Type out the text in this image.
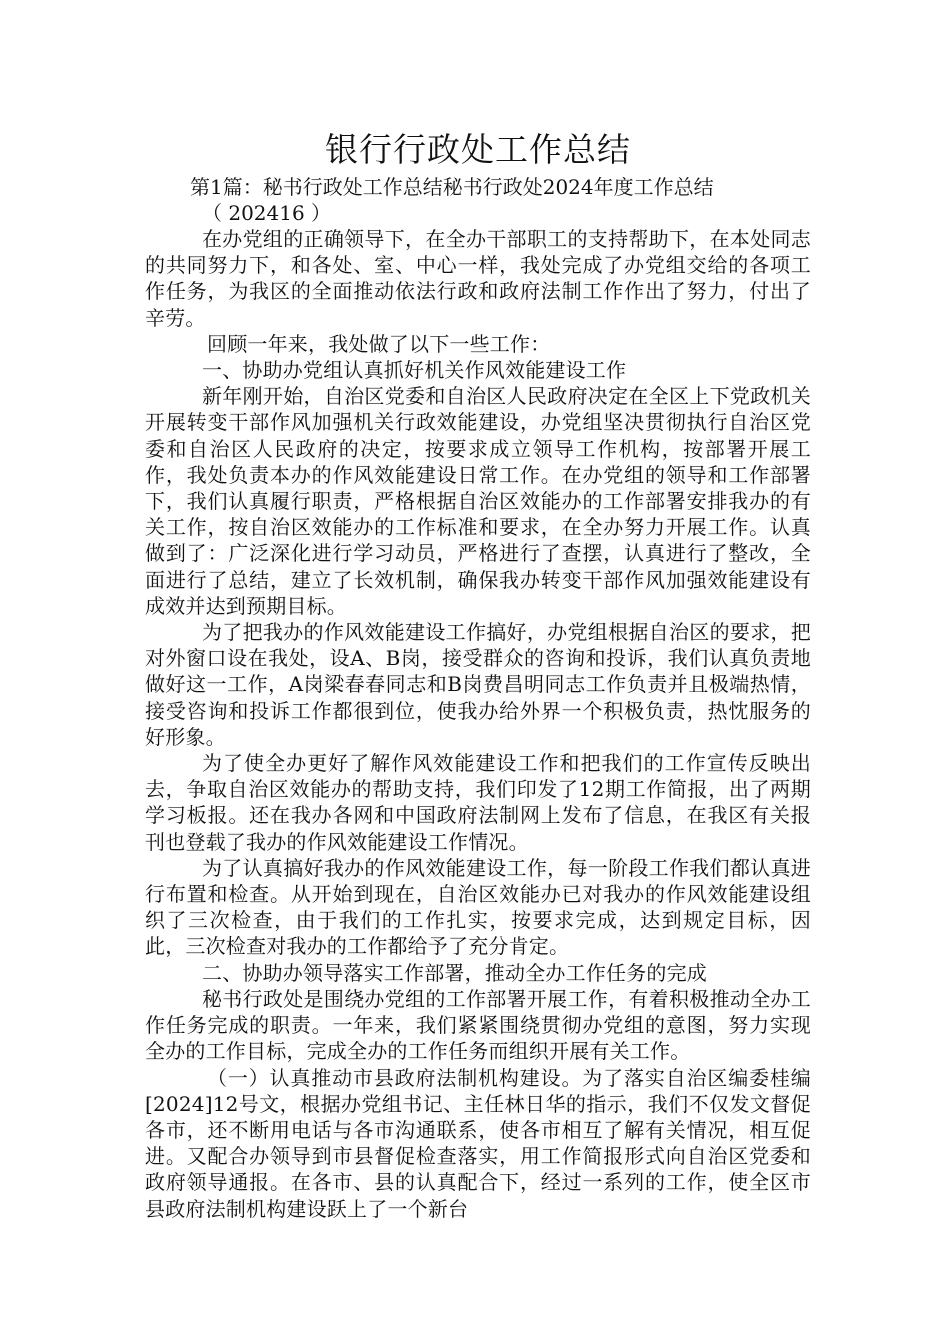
银行行政处工作总结

第1篇：秘书行政处工作总结秘书行政处2024年度工作总结

（ 202416 ）

在办党组的正确领导下，在全办干部职工的支持帮助下，在本处同志的共同努力下，和各处、室、中心一样，我处完成了办党组交给的各项工作任务，为我区的全面推动依法行政和政府法制工作作出了努力，付出了辛劳。

回顾一年来，我处做了以下一些工作：

一、协助办党组认真抓好机关作风效能建设工作

新年刚开始，自治区党委和自治区人民政府决定在全区上下党政机关开展转变干部作风加强机关行政效能建设，办党组坚决贯彻执行自治区党委和自治区人民政府的决定，按要求成立领导工作机构，按部署开展工作，我处负责本办的作风效能建设日常工作。在办党组的领导和工作部署下，我们认真履行职责，严格根据自治区效能办的工作部署安排我办的有关工作，按自治区效能办的工作标准和要求，在全办努力开展工作。认真做到了：广泛深化进行学习动员，严格进行了查摆，认真进行了整改，全面进行了总结，建立了长效机制，确保我办转变干部作风加强效能建设有成效并达到预期目标。

为了把我办的作风效能建设工作搞好，办党组根据自治区的要求，把对外窗口设在我处，设A、B岗，接受群众的咨询和投诉，我们认真负责地做好这一工作，A岗梁春春同志和B岗费昌明同志工作负责并且极端热情，接受咨询和投诉工作都很到位，使我办给外界一个积极负责，热忱服务的好形象。

为了使全办更好了解作风效能建设工作和把我们的工作宣传反映出去，争取自治区效能办的帮助支持，我们印发了12期工作简报，出了两期学习板报。还在我办各网和中国政府法制网上发布了信息，在我区有关报刊也登载了我办的作风效能建设工作情况。

为了认真搞好我办的作风效能建设工作，每一阶段工作我们都认真进行布置和检查。从开始到现在，自治区效能办已对我办的作风效能建设组织了三次检查，由于我们的工作扎实，按要求完成，达到规定目标，因此，三次检查对我办的工作都给予了充分肯定。

二、协助办领导落实工作部署，推动全办工作任务的完成

秘书行政处是围绕办党组的工作部署开展工作，有着积极推动全办工作任务完成的职责。一年来，我们紧紧围绕贯彻办党组的意图，努力实现全办的工作目标，完成全办的工作任务而组织开展有关工作。

（一）认真推动市县政府法制机构建设。为了落实自治区编委桂编[2024]12号文，根据办党组书记、主任林日华的指示，我们不仅发文督促各市，还不断用电话与各市沟通联系，使各市相互了解有关情况，相互促进。又配合办领导到市县督促检查落实，用工作简报形式向自治区党委和政府领导通报。在各市、县的认真配合下，经过一系列的工作，使全区市县政府法制机构建设跃上了一个新台
